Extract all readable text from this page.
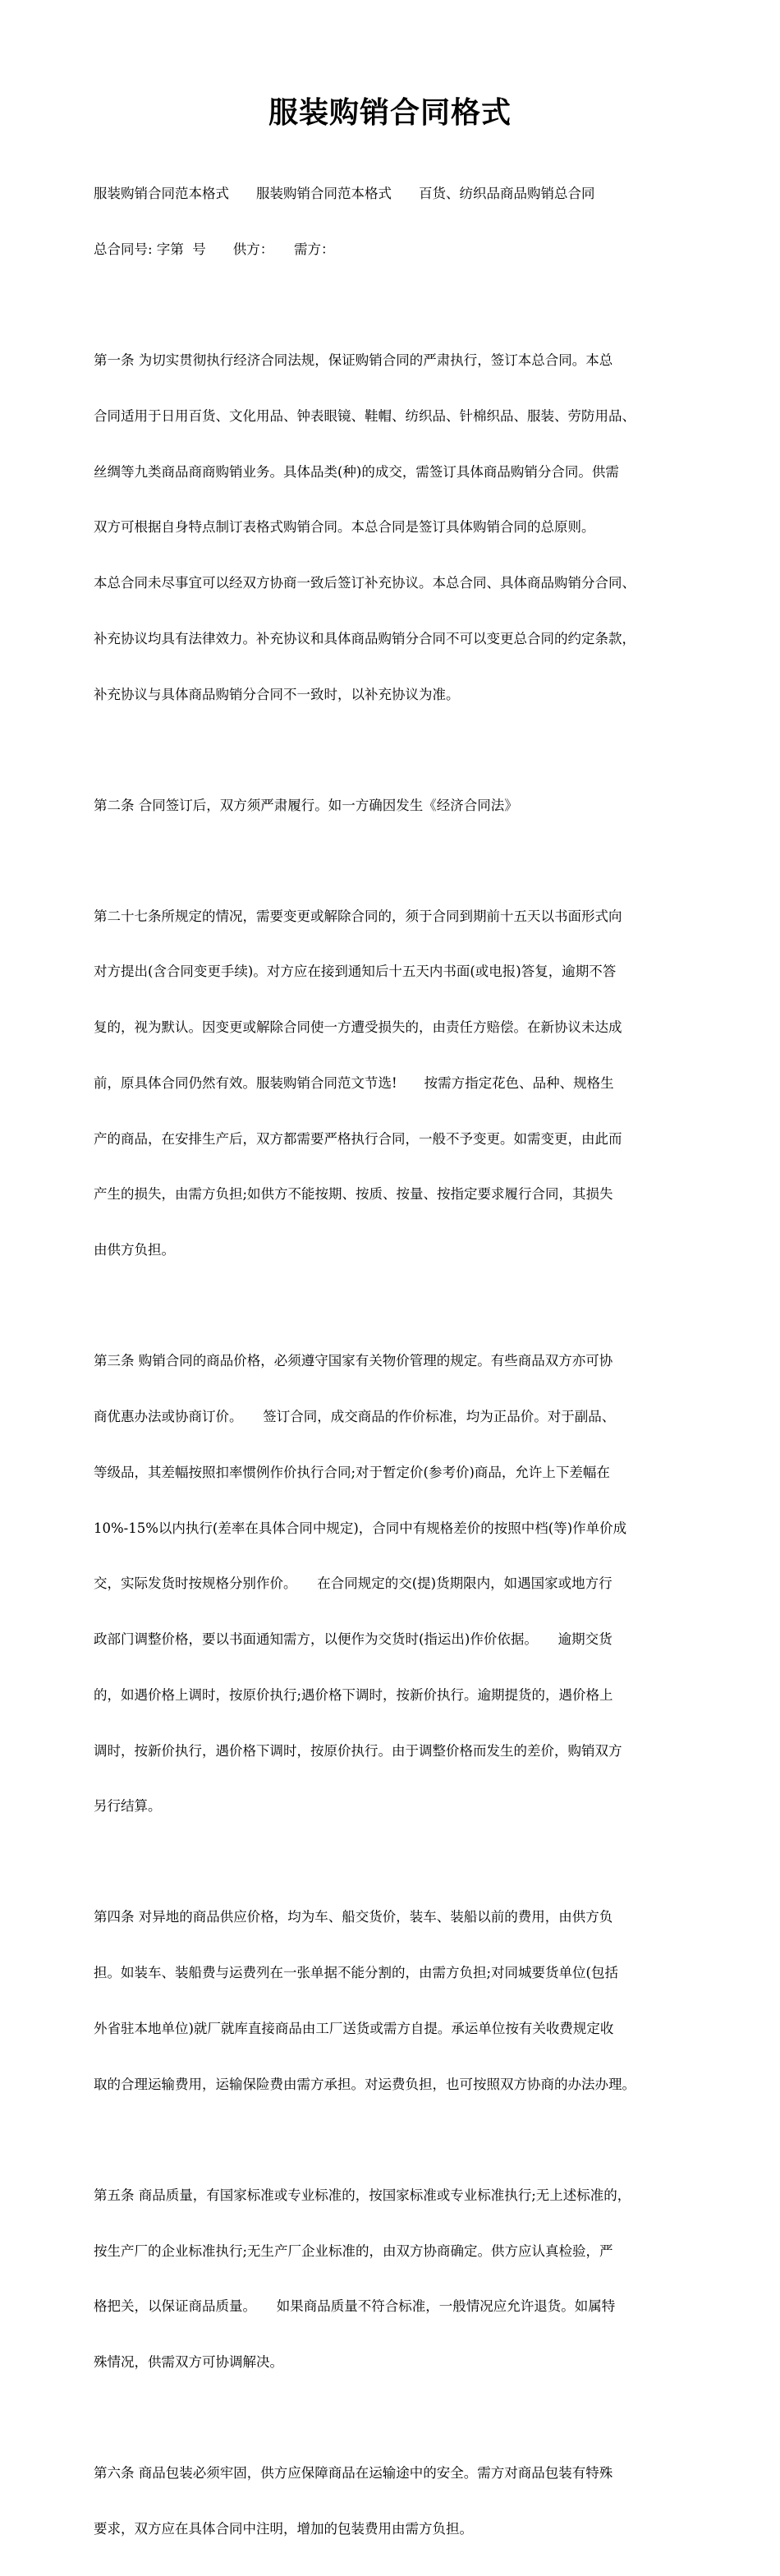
服装购销合同格式

服装购销合同范本格式　　服装购销合同范本格式　　百货、纺织品商品购销总合同

总合同号: 字第  号　　供方：　　需方：

第一条 为切实贯彻执行经济合同法规，保证购销合同的严肃执行，签订本总合同。本总

合同适用于日用百货、文化用品、钟表眼镜、鞋帽、纺织品、针棉织品、服装、劳防用品、

丝绸等九类商品商商购销业务。具体品类(种)的成交，需签订具体商品购销分合同。供需

双方可根据自身特点制订表格式购销合同。本总合同是签订具体购销合同的总原则。

本总合同未尽事宜可以经双方协商一致后签订补充协议。本总合同、具体商品购销分合同、

补充协议均具有法律效力。补充协议和具体商品购销分合同不可以变更总合同的约定条款，

补充协议与具体商品购销分合同不一致时，以补充协议为准。

第二条 合同签订后，双方须严肃履行。如一方确因发生《经济合同法》

第二十七条所规定的情况，需要变更或解除合同的，须于合同到期前十五天以书面形式向

对方提出(含合同变更手续)。对方应在接到通知后十五天内书面(或电报)答复，逾期不答

复的，视为默认。因变更或解除合同使一方遭受损失的，由责任方赔偿。在新协议未达成

前，原具体合同仍然有效。服装购销合同范文节选!　　按需方指定花色、品种、规格生

产的商品，在安排生产后，双方都需要严格执行合同，一般不予变更。如需变更，由此而

产生的损失，由需方负担;如供方不能按期、按质、按量、按指定要求履行合同，其损失

由供方负担。

第三条 购销合同的商品价格，必须遵守国家有关物价管理的规定。有些商品双方亦可协

商优惠办法或协商订价。　　签订合同，成交商品的作价标准，均为正品价。对于副品、

等级品，其差幅按照扣率惯例作价执行合同;对于暂定价(参考价)商品，允许上下差幅在

10%-15%以内执行(差率在具体合同中规定)，合同中有规格差价的按照中档(等)作单价成

交，实际发货时按规格分别作价。　　在合同规定的交(提)货期限内，如遇国家或地方行

政部门调整价格，要以书面通知需方，以便作为交货时(指运出)作价依据。　　逾期交货

的，如遇价格上调时，按原价执行;遇价格下调时，按新价执行。逾期提货的，遇价格上

调时，按新价执行，遇价格下调时，按原价执行。由于调整价格而发生的差价，购销双方

另行结算。

第四条 对异地的商品供应价格，均为车、船交货价，装车、装船以前的费用，由供方负

担。如装车、装船费与运费列在一张单据不能分割的，由需方负担;对同城要货单位(包括

外省驻本地单位)就厂就库直接商品由工厂送货或需方自提。承运单位按有关收费规定收

取的合理运输费用，运输保险费由需方承担。对运费负担，也可按照双方协商的办法办理。

第五条 商品质量，有国家标准或专业标准的，按国家标准或专业标准执行;无上述标准的，

按生产厂的企业标准执行;无生产厂企业标准的，由双方协商确定。供方应认真检验，严

格把关，以保证商品质量。　　如果商品质量不符合标准，一般情况应允许退货。如属特

殊情况，供需双方可协调解决。

第六条 商品包装必须牢固，供方应保障商品在运输途中的安全。需方对商品包装有特殊

要求，双方应在具体合同中注明，增加的包装费用由需方负担。
